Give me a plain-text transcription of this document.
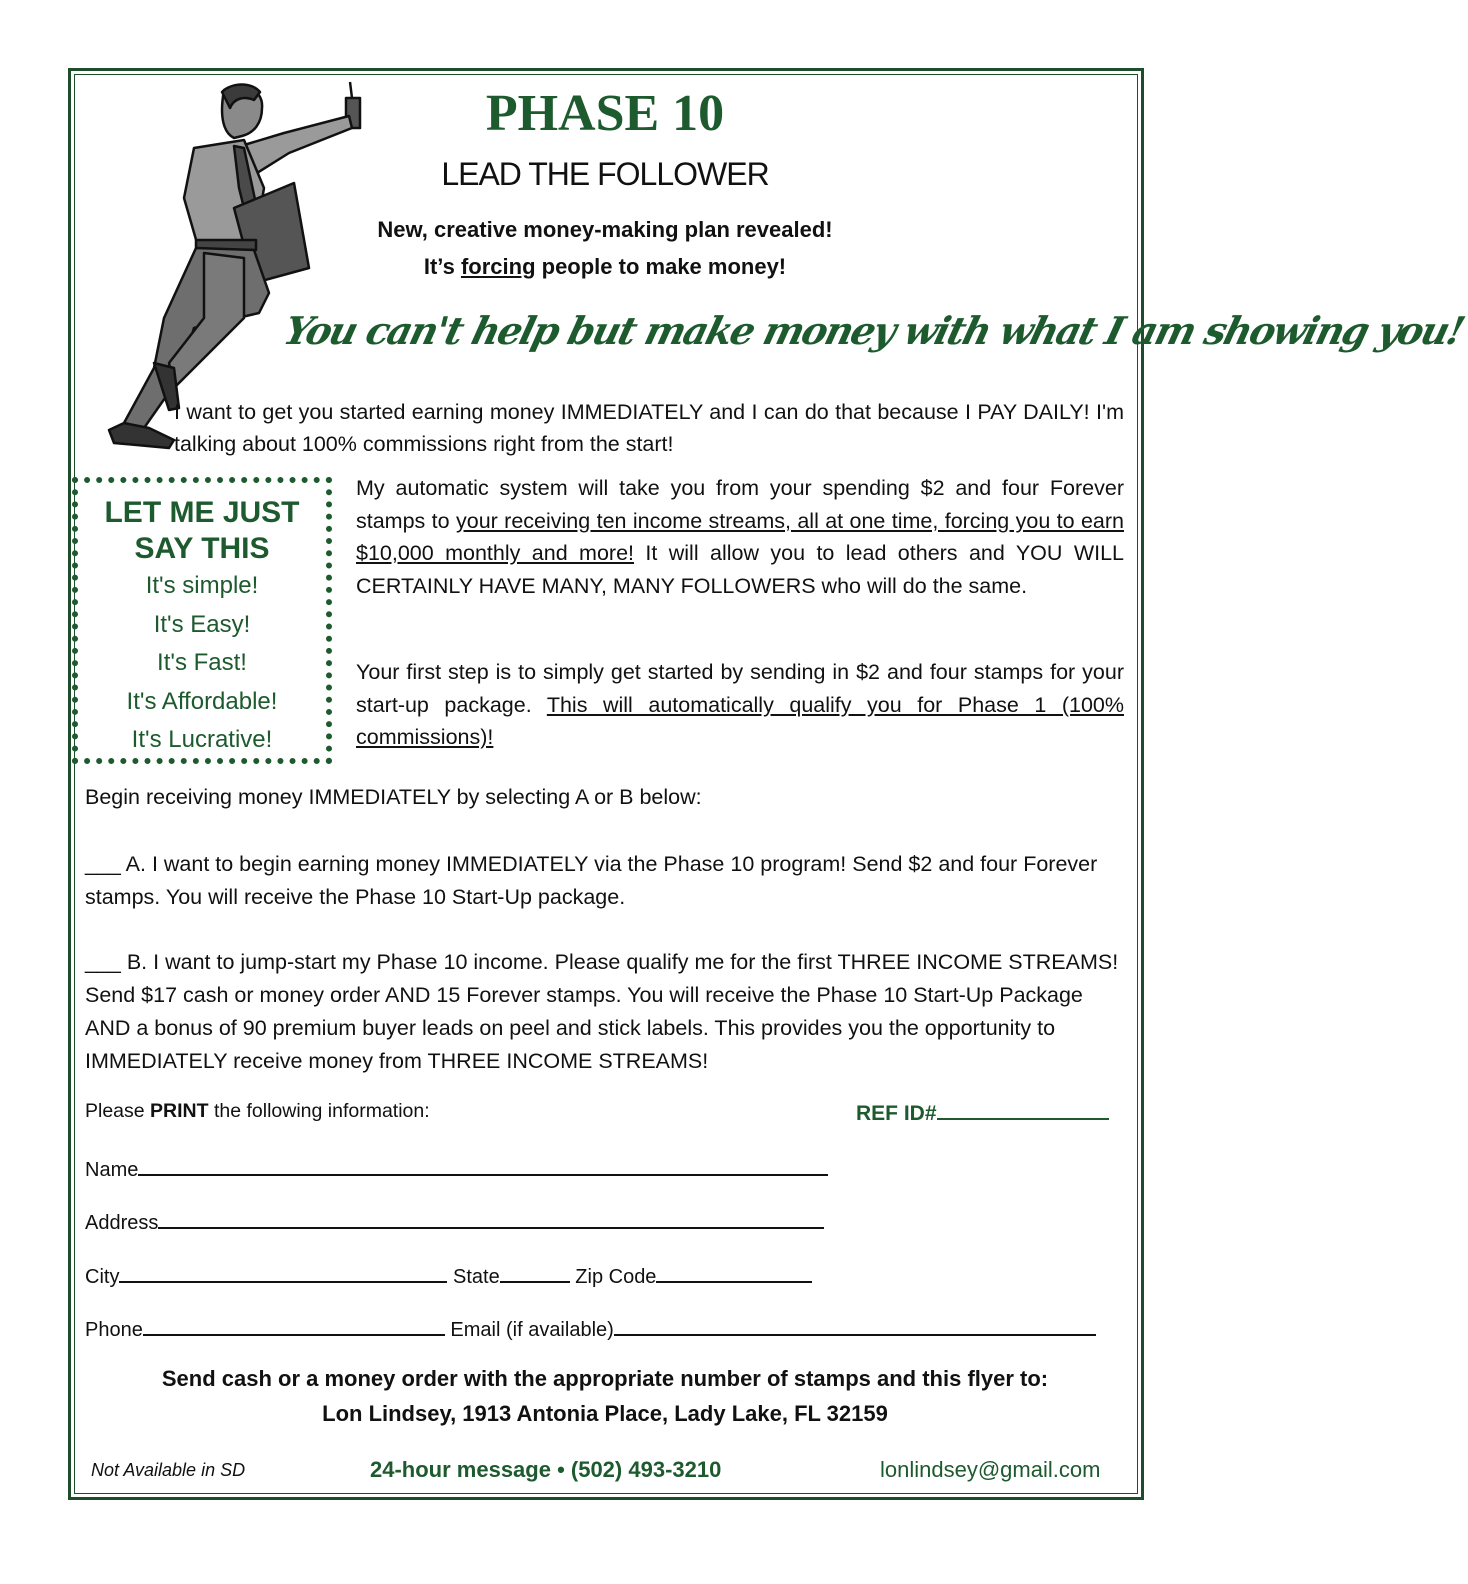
PHASE 10
LEAD THE FOLLOWER
New, creative money-making plan revealed!
It’s forcing people to make money!
You can't help but make money with what I am showing you!
I want to get you started earning money IMMEDIATELY and I can do that because I PAY DAILY! I'm talking about 100% commissions right from the start!
LET ME JUST
SAY THIS
It's simple!
It's Easy!
It's Fast!
It's Affordable!
It's Lucrative!
My automatic system will take you from your spending $2 and four Forever stamps to your receiving ten income streams, all at one time, forcing you to earn $10,000 monthly and more! It will allow you to lead others and YOU WILL CERTAINLY HAVE MANY, MANY FOLLOWERS who will do the same.
Your first step is to simply get started by sending in $2 and four stamps for your start-up package. This will automatically qualify you for Phase 1 (100% commissions)!
Begin receiving money IMMEDIATELY by selecting A or B below:
___ A. I want to begin earning money IMMEDIATELY via the Phase 10 program! Send $2 and four Forever stamps. You will receive the Phase 10 Start-Up package.
___ B. I want to jump-start my Phase 10 income. Please qualify me for the first THREE INCOME STREAMS! Send $17 cash or money order AND 15 Forever stamps. You will receive the Phase 10 Start-Up Package AND a bonus of 90 premium buyer leads on peel and stick labels. This provides you the opportunity to IMMEDIATELY receive money from THREE INCOME STREAMS!
Please PRINT the following information:	REF ID#
Name
Address
City	State	Zip Code
Phone	Email (if available)
Send cash or a money order with the appropriate number of stamps and this flyer to:
Lon Lindsey, 1913 Antonia Place, Lady Lake, FL 32159
Not Available in SD	24-hour message • (502) 493-3210	lonlindsey@gmail.com
